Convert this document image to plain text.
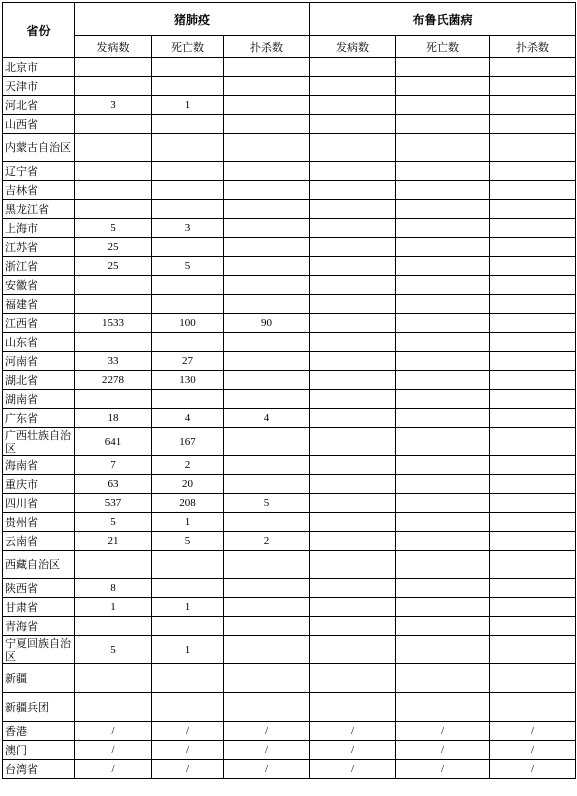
省份	猪肺疫			布鲁氏菌病		
	发病数	死亡数	扑杀数	发病数	死亡数	扑杀数
北京市						
天津市						
河北省	3	1				
山西省						
内蒙古自治区						
辽宁省						
吉林省						
黑龙江省						
上海市	5	3				
江苏省	25					
浙江省	25	5				
安徽省						
福建省						
江西省	1533	100	90			
山东省						
河南省	33	27				
湖北省	2278	130				
湖南省						
广东省	18	4	4			
广西壮族自治区	641	167				
海南省	7	2				
重庆市	63	20				
四川省	537	208	5			
贵州省	5	1				
云南省	21	5	2			
西藏自治区						
陕西省	8					
甘肃省	1	1				
青海省						
宁夏回族自治区	5	1				
新疆						
新疆兵团						
香港	/	/	/	/	/	/
澳门	/	/	/	/	/	/
台湾省	/	/	/	/	/	/
